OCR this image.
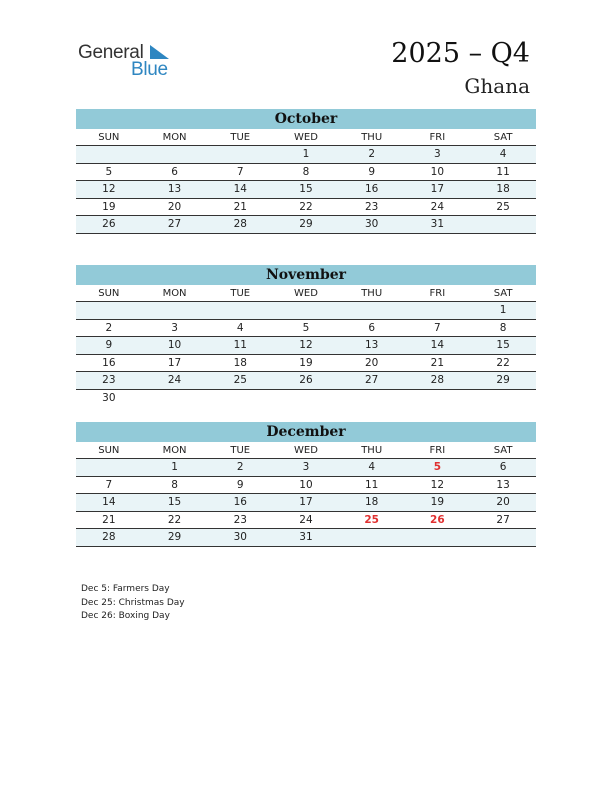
General
Blue
2025 – Q4
Ghana
October
SUN	MON	TUE	WED	THU	FRI	SAT
			1	2	3	4
5	6	7	8	9	10	11
12	13	14	15	16	17	18
19	20	21	22	23	24	25
26	27	28	29	30	31	
November
SUN	MON	TUE	WED	THU	FRI	SAT
						1
2	3	4	5	6	7	8
9	10	11	12	13	14	15
16	17	18	19	20	21	22
23	24	25	26	27	28	29
30						
December
SUN	MON	TUE	WED	THU	FRI	SAT
	1	2	3	4	5	6
7	8	9	10	11	12	13
14	15	16	17	18	19	20
21	22	23	24	25	26	27
28	29	30	31			
Dec 5: Farmers Day
Dec 25: Christmas Day
Dec 26: Boxing Day
